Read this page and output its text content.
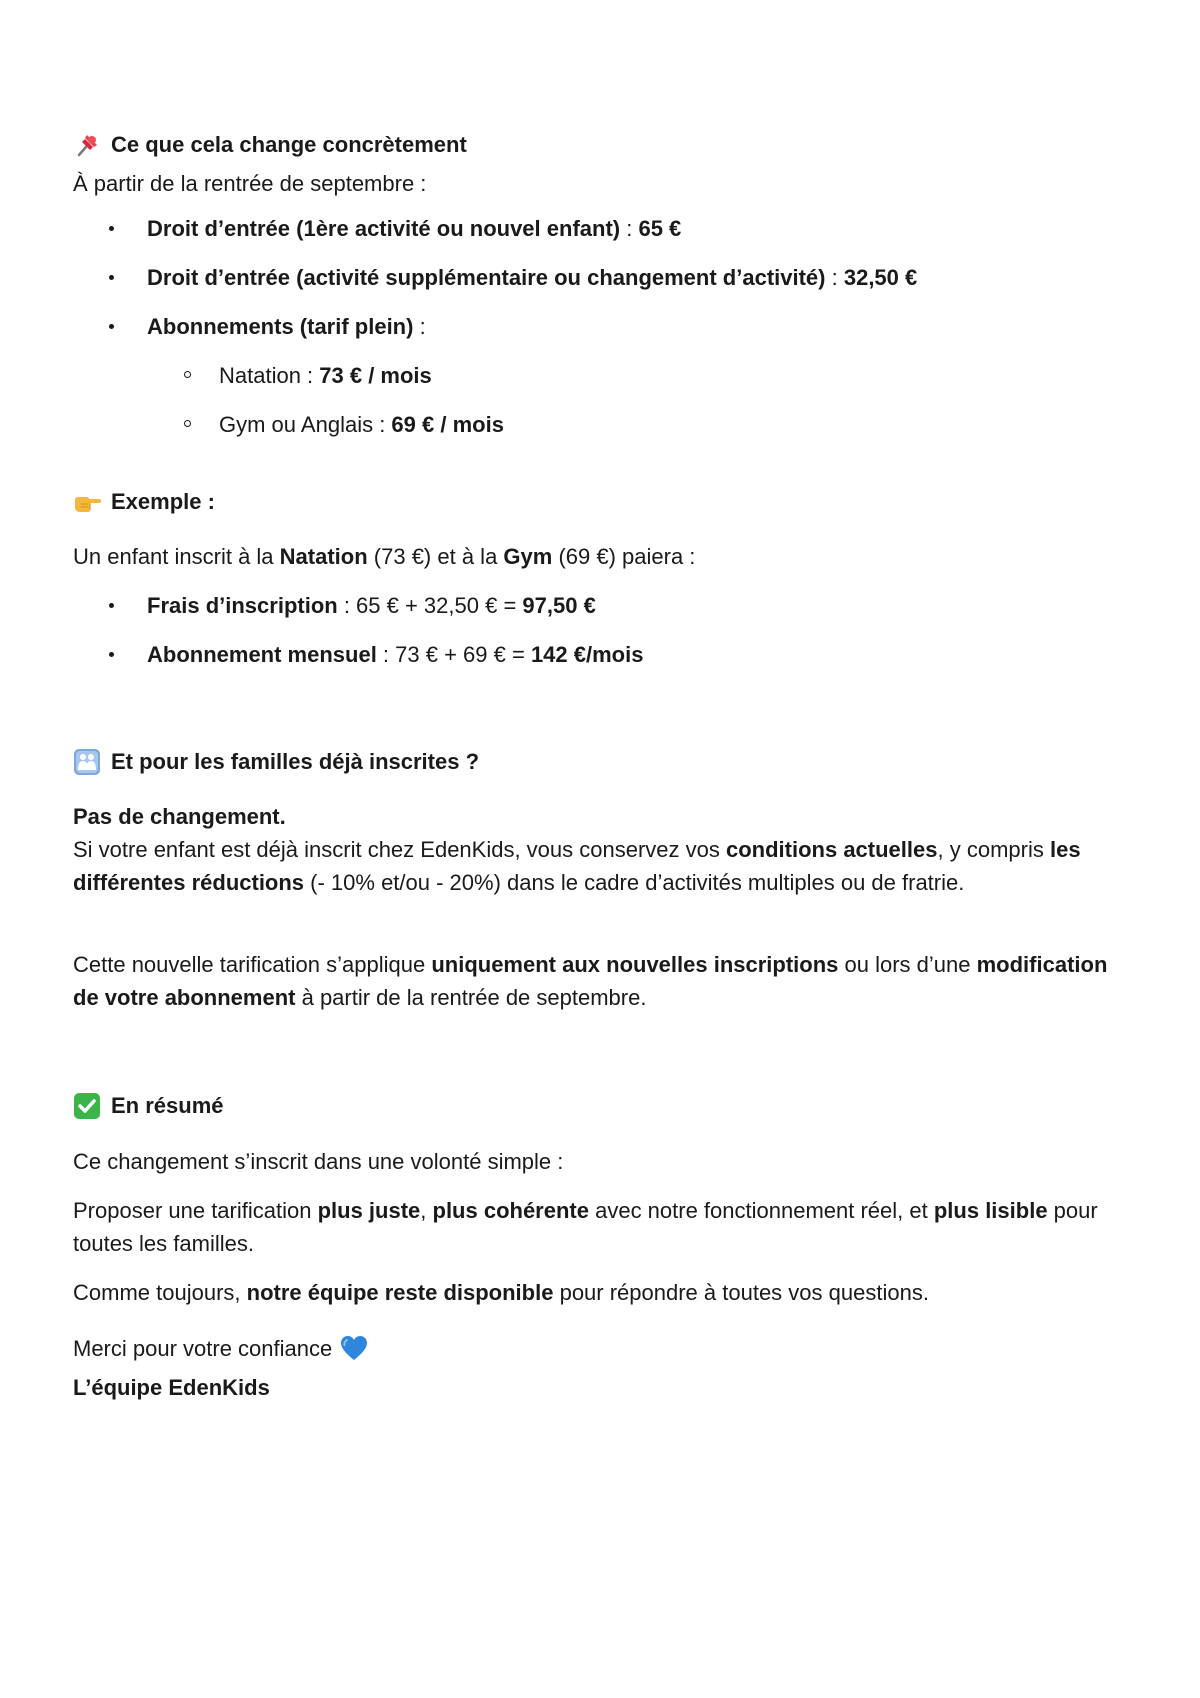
Ce que cela change concrètement
À partir de la rentrée de septembre :
Droit d’entrée (1ère activité ou nouvel enfant) : 65 €
Droit d’entrée (activité supplémentaire ou changement d’activité) : 32,50 €
Abonnements (tarif plein) :
Natation : 73 € / mois
Gym ou Anglais : 69 € / mois
Exemple :
Un enfant inscrit à la Natation (73 €) et à la Gym (69 €) paiera :
Frais d’inscription : 65 € + 32,50 € = 97,50 €
Abonnement mensuel : 73 € + 69 € = 142 €/mois
Et pour les familles déjà inscrites ?
Pas de changement.
Si votre enfant est déjà inscrit chez EdenKids, vous conservez vos conditions actuelles, y compris les différentes réductions (- 10% et/ou - 20%) dans le cadre d’activités multiples ou de fratrie.
Cette nouvelle tarification s’applique uniquement aux nouvelles inscriptions ou lors d’une modification de votre abonnement à partir de la rentrée de septembre.
En résumé
Ce changement s’inscrit dans une volonté simple :
Proposer une tarification plus juste, plus cohérente avec notre fonctionnement réel, et plus lisible pour toutes les familles.
Comme toujours, notre équipe reste disponible pour répondre à toutes vos questions.
Merci pour votre confiance
L’équipe EdenKids
